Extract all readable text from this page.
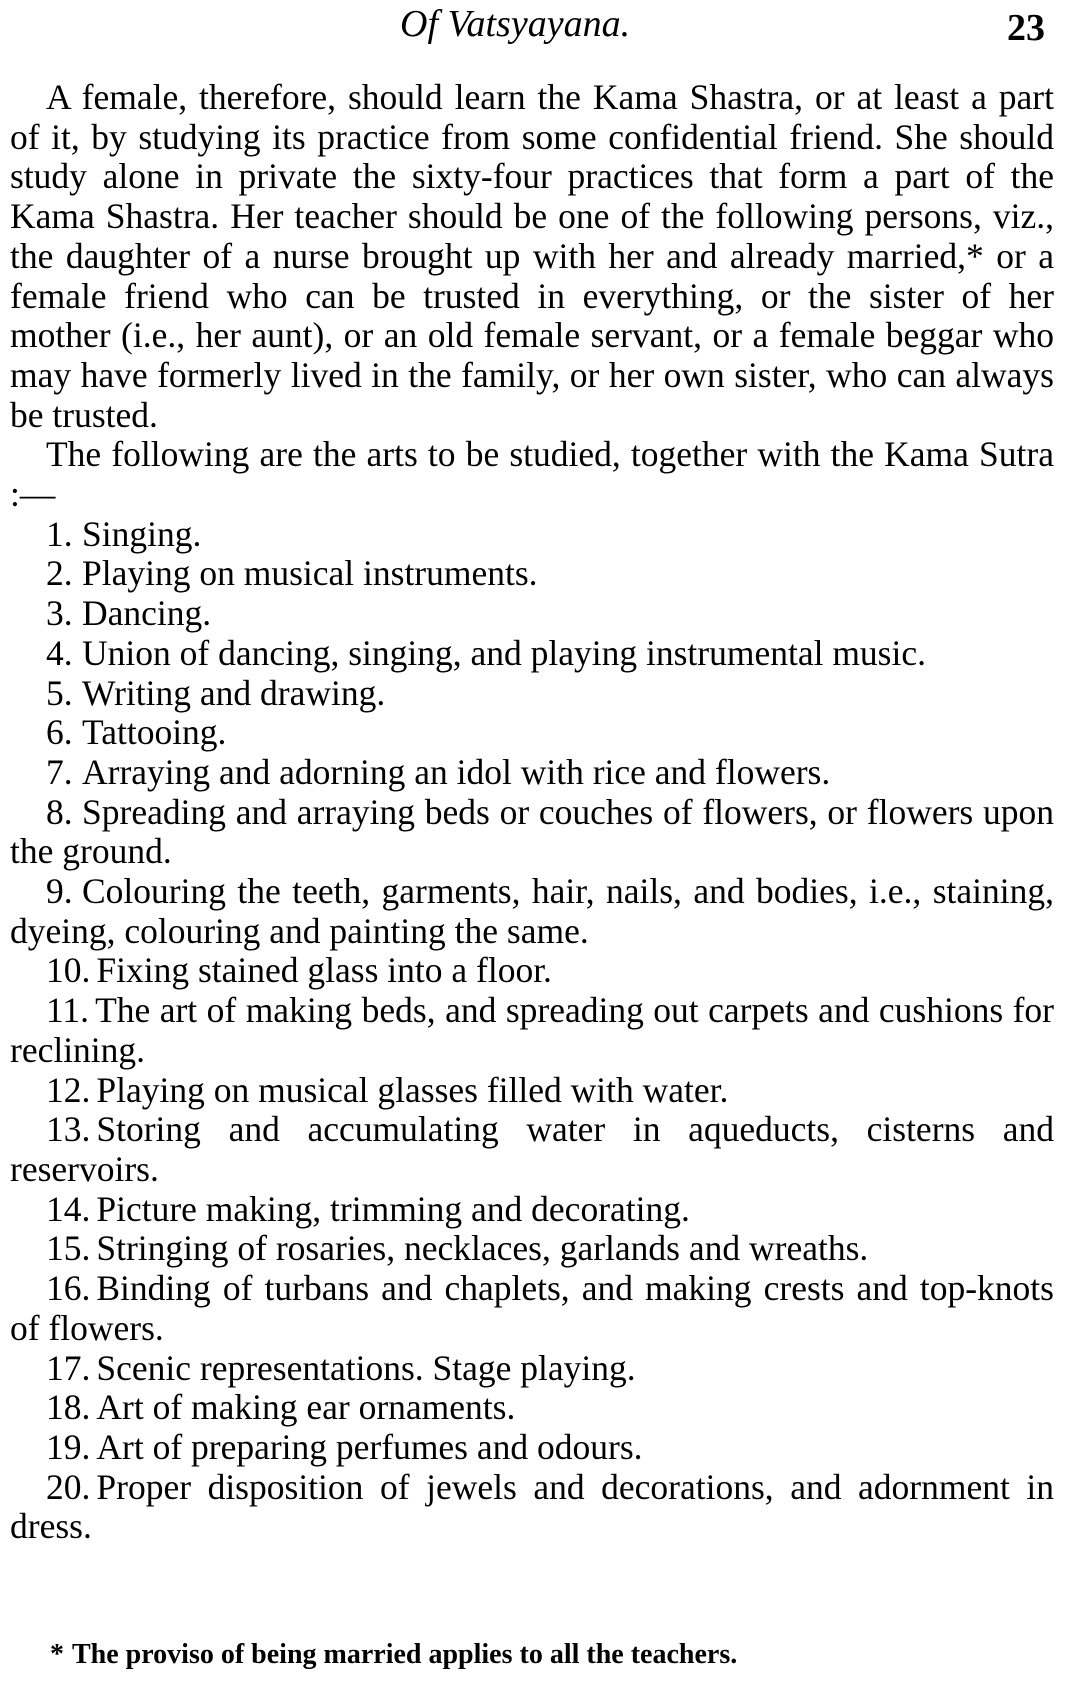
Of Vatsyayana.	23

A female, therefore, should learn the Kama Shastra, or at least a part of it, by studying its practice from some confidential friend. She should study alone in private the sixty-four practices that form a part of the Kama Shastra. Her teacher should be one of the following persons, viz., the daughter of a nurse brought up with her and already married,* or a female friend who can be trusted in everything, or the sister of her mother (i.e., her aunt), or an old female servant, or a female beggar who may have formerly lived in the family, or her own sister, who can always be trusted.

The following are the arts to be studied, together with the Kama Sutra :—

1. Singing.
2. Playing on musical instruments.
3. Dancing.
4. Union of dancing, singing, and playing instrumental music.
5. Writing and drawing.
6. Tattooing.
7. Arraying and adorning an idol with rice and flowers.
8. Spreading and arraying beds or couches of flowers, or flowers upon the ground.
9. Colouring the teeth, garments, hair, nails, and bodies, i.e., staining, dyeing, colouring and painting the same.
10. Fixing stained glass into a floor.
11. The art of making beds, and spreading out carpets and cushions for reclining.
12. Playing on musical glasses filled with water.
13. Storing and accumulating water in aqueducts, cisterns and reservoirs.
14. Picture making, trimming and decorating.
15. Stringing of rosaries, necklaces, garlands and wreaths.
16. Binding of turbans and chaplets, and making crests and top-knots of flowers.
17. Scenic representations. Stage playing.
18. Art of making ear ornaments.
19. Art of preparing perfumes and odours.
20. Proper disposition of jewels and decorations, and adornment in dress.
* The proviso of being married applies to all the teachers.
